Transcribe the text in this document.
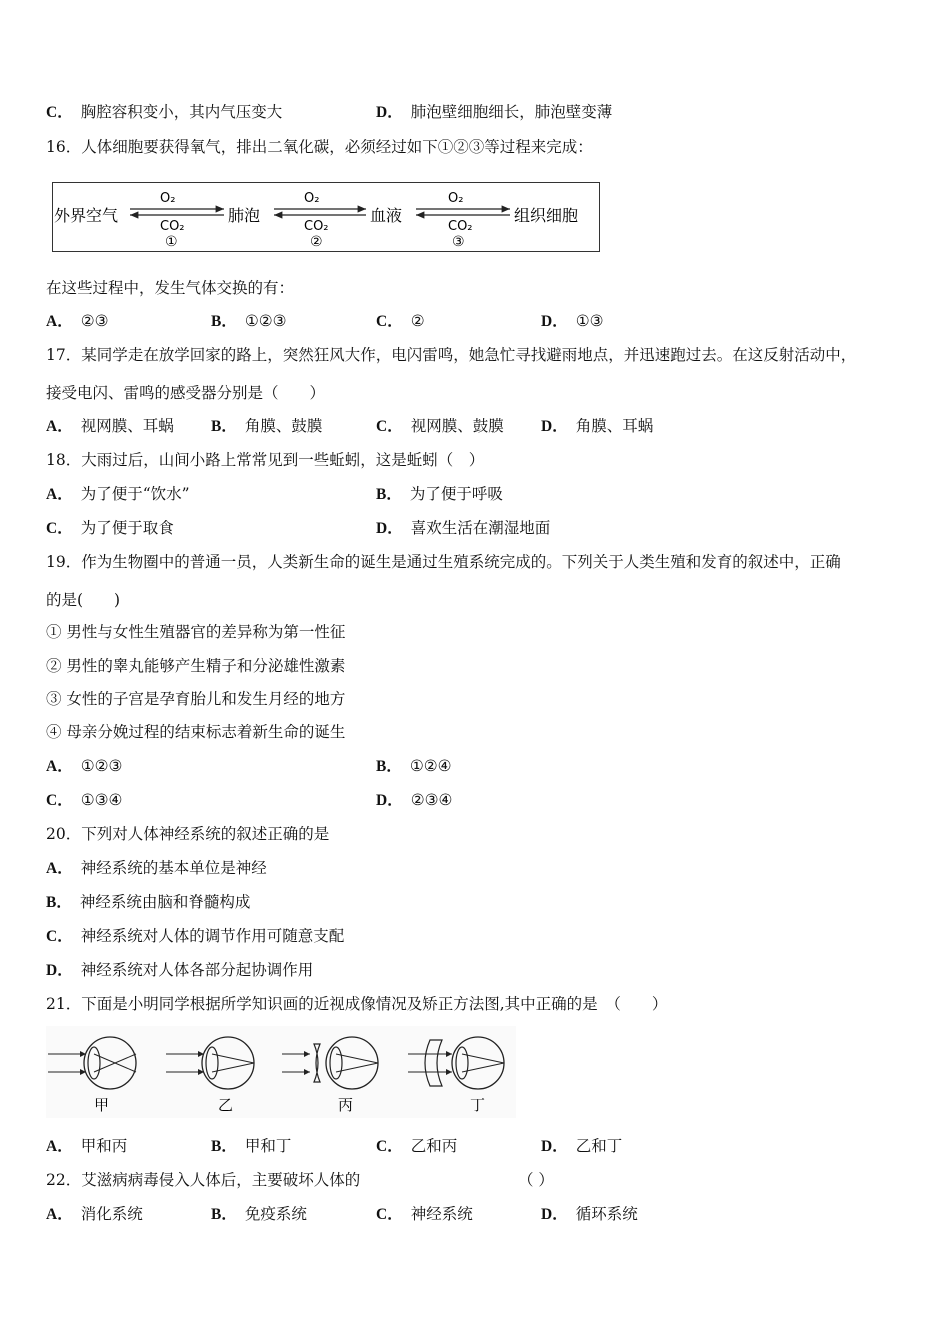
C． 胸腔容积变小，其内气压变大	D． 肺泡壁细胞细长，肺泡壁变薄
16．人体细胞要获得氧气，排出二氧化碳，必须经过如下①②③等过程来完成：
外界空气	肺泡	血液	组织细胞
O₂
CO₂
①
O₂
CO₂
②
O₂
CO₂
③
在这些过程中，发生气体交换的有：
A． ②③	B． ①②③	C． ②	D． ①③
17．某同学走在放学回家的路上，突然狂风大作，电闪雷鸣，她急忙寻找避雨地点，并迅速跑过去。在这反射活动中，
接受电闪、雷鸣的感受器分别是（　　）
A． 视网膜、耳蜗 B． 角膜、鼓膜	C． 视网膜、鼓膜 D． 角膜、耳蜗
18．大雨过后，山间小路上常常见到一些蚯蚓，这是蚯蚓（　）
A． 为了便于“饮水”	B． 为了便于呼吸
C． 为了便于取食	D． 喜欢生活在潮湿地面
19．作为生物圈中的普通一员，人类新生命的诞生是通过生殖系统完成的。下列关于人类生殖和发育的叙述中，正确
的是(　　)
① 男性与女性生殖器官的差异称为第一性征
② 男性的睾丸能够产生精子和分泌雄性激素
③ 女性的子宫是孕育胎儿和发生月经的地方
④ 母亲分娩过程的结束标志着新生命的诞生
A． ①②③	B． ①②④
C． ①③④	D． ②③④
20．下列对人体神经系统的叙述正确的是
A． 神经系统的基本单位是神经
B． 神经系统由脑和脊髓构成
C． 神经系统对人体的调节作用可随意支配
D． 神经系统对人体各部分起协调作用
21．下面是小明同学根据所学知识画的近视成像情况及矫正方法图,其中正确的是　（　　）
甲	乙	丙	丁
A． 甲和丙	B． 甲和丁	C． 乙和丙	D． 乙和丁
22．艾滋病病毒侵入人体后，主要破坏人体的	（ ）
A． 消化系统	B． 免疫系统	C． 神经系统	D． 循环系统
